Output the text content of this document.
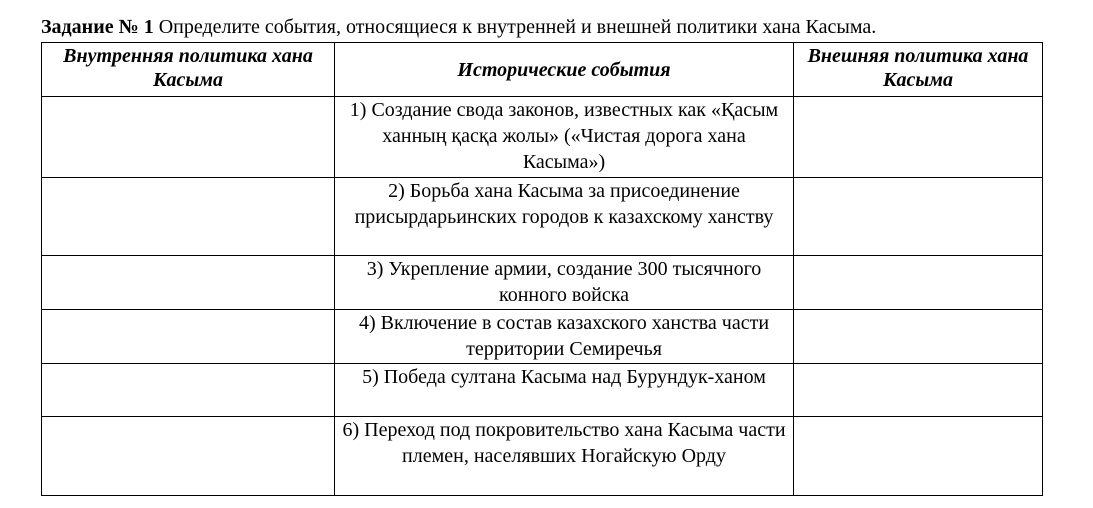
Задание № 1 Определите события, относящиеся к внутренней и внешней политики хана Касыма.
Внутренняя политика хана Касыма	Исторические события	Внешняя политика хана Касыма
	1) Создание свода законов, известных как «Қасым ханның қасқа жолы» («Чистая дорога хана Касыма»)	
	2) Борьба хана Касыма за присоединение присырдарьинских городов к казахскому ханству	
	3) Укрепление армии, создание 300 тысячного конного войска	
	4) Включение в состав казахского ханства части территории Семиречья	
	5) Победа султана Касыма над Бурундук-ханом	
	6) Переход под покровительство хана Касыма части племен, населявших Ногайскую Орду	
